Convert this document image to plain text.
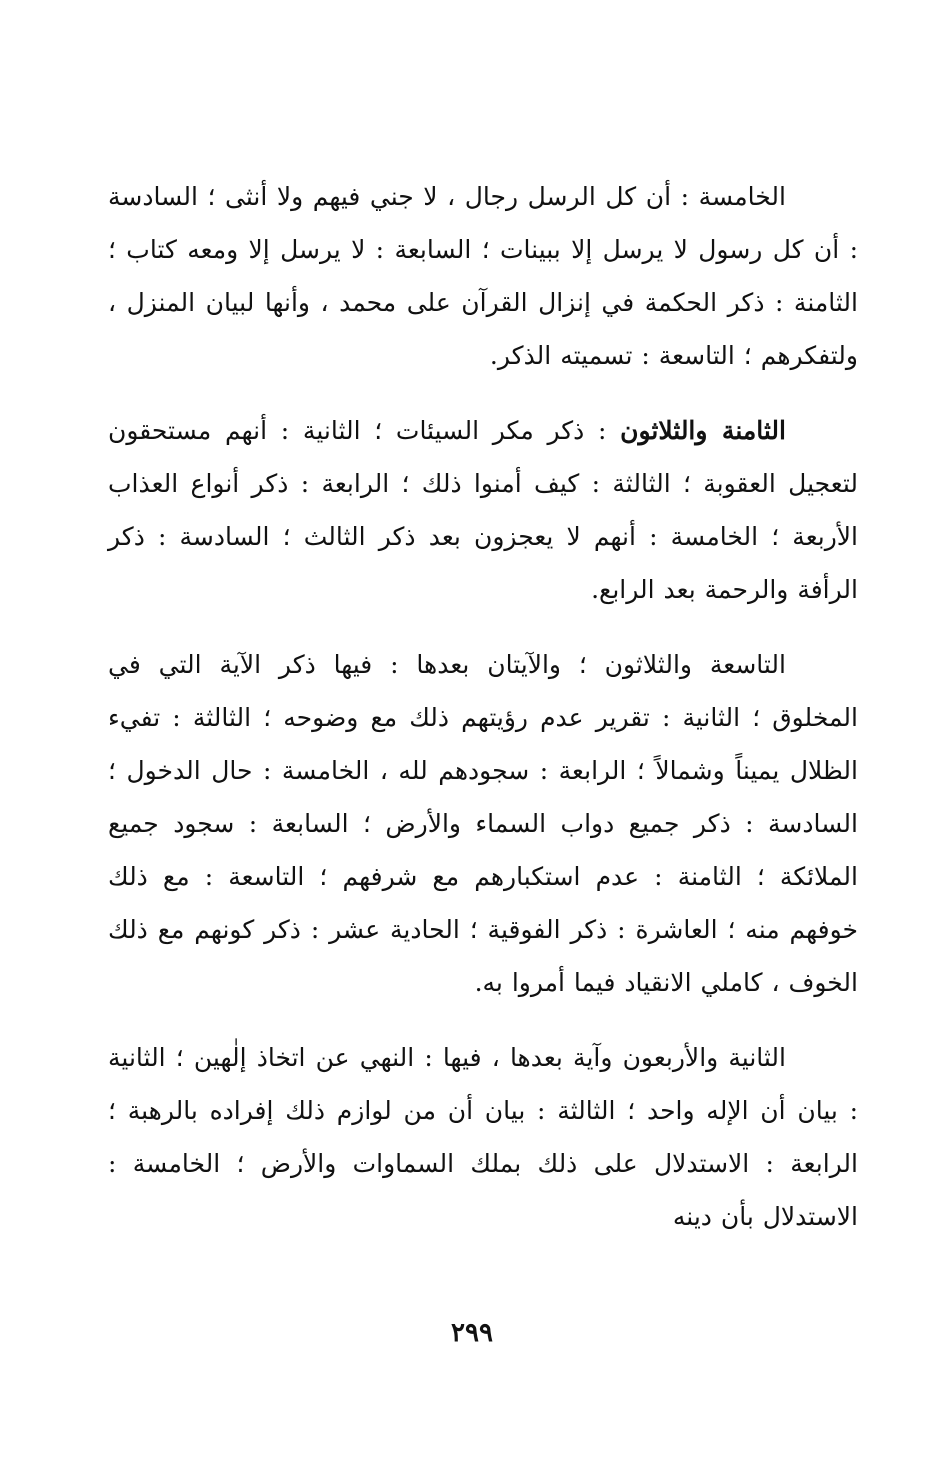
الخامسة : أن كل الرسل رجال ، لا جني فيهم ولا أنثى ؛ السادسة : أن كل رسول لا يرسل إلا ببينات ؛ السابعة : لا يرسل إلا ومعه كتاب ؛ الثامنة : ذكر الحكمة في إنزال القرآن على محمد ، وأنها لبيان المنزل ، ولتفكرهم ؛ التاسعة : تسميته الذكر.

الثامنة والثلاثون : ذكر مكر السيئات ؛ الثانية : أنهم مستحقون لتعجيل العقوبة ؛ الثالثة : كيف أمنوا ذلك ؛ الرابعة : ذكر أنواع العذاب الأربعة ؛ الخامسة : أنهم لا يعجزون بعد ذكر الثالث ؛ السادسة : ذكر الرأفة والرحمة بعد الرابع.

التاسعة والثلاثون ؛ والآيتان بعدها : فيها ذكر الآية التي في المخلوق ؛ الثانية : تقرير عدم رؤيتهم ذلك مع وضوحه ؛ الثالثة : تفيء الظلال يميناً وشمالاً ؛ الرابعة : سجودهم لله ، الخامسة : حال الدخول ؛ السادسة : ذكر جميع دواب السماء والأرض ؛ السابعة : سجود جميع الملائكة ؛ الثامنة : عدم استكبارهم مع شرفهم ؛ التاسعة : مع ذلك خوفهم منه ؛ العاشرة : ذكر الفوقية ؛ الحادية عشر : ذكر كونهم مع ذلك الخوف ، كاملي الانقياد فيما أمروا به.

الثانية والأربعون وآية بعدها ، فيها : النهي عن اتخاذ إلٰهين ؛ الثانية : بيان أن الإله واحد ؛ الثالثة : بيان أن من لوازم ذلك إفراده بالرهبة ؛ الرابعة : الاستدلال على ذلك بملك السماوات والأرض ؛ الخامسة : الاستدلال بأن دينه

٢٩٩
